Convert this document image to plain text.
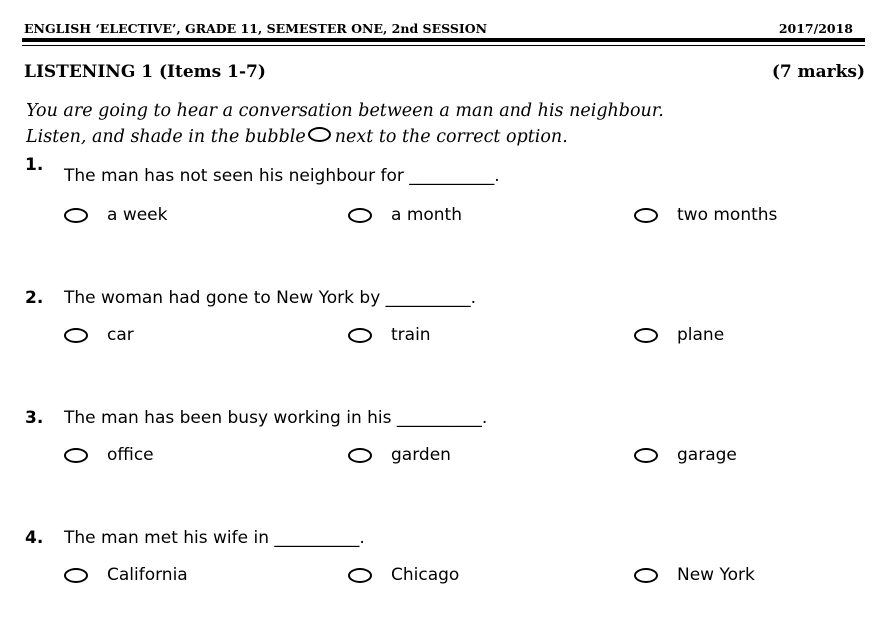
ENGLISH ‘ELECTIVE’, GRADE 11, SEMESTER ONE, 2nd SESSION	2017/2018
LISTENING 1 (Items 1-7)	(7 marks)
You are going to hear a conversation between a man and his neighbour.
Listen, and shade in the bubble next to the correct option.
1.
The man has not seen his neighbour for __________.
a week	a month	two months
2. The woman had gone to New York by __________.
car	train	plane
3. The man has been busy working in his __________.
office	garden	garage
4. The man met his wife in __________.
California	Chicago	New York
